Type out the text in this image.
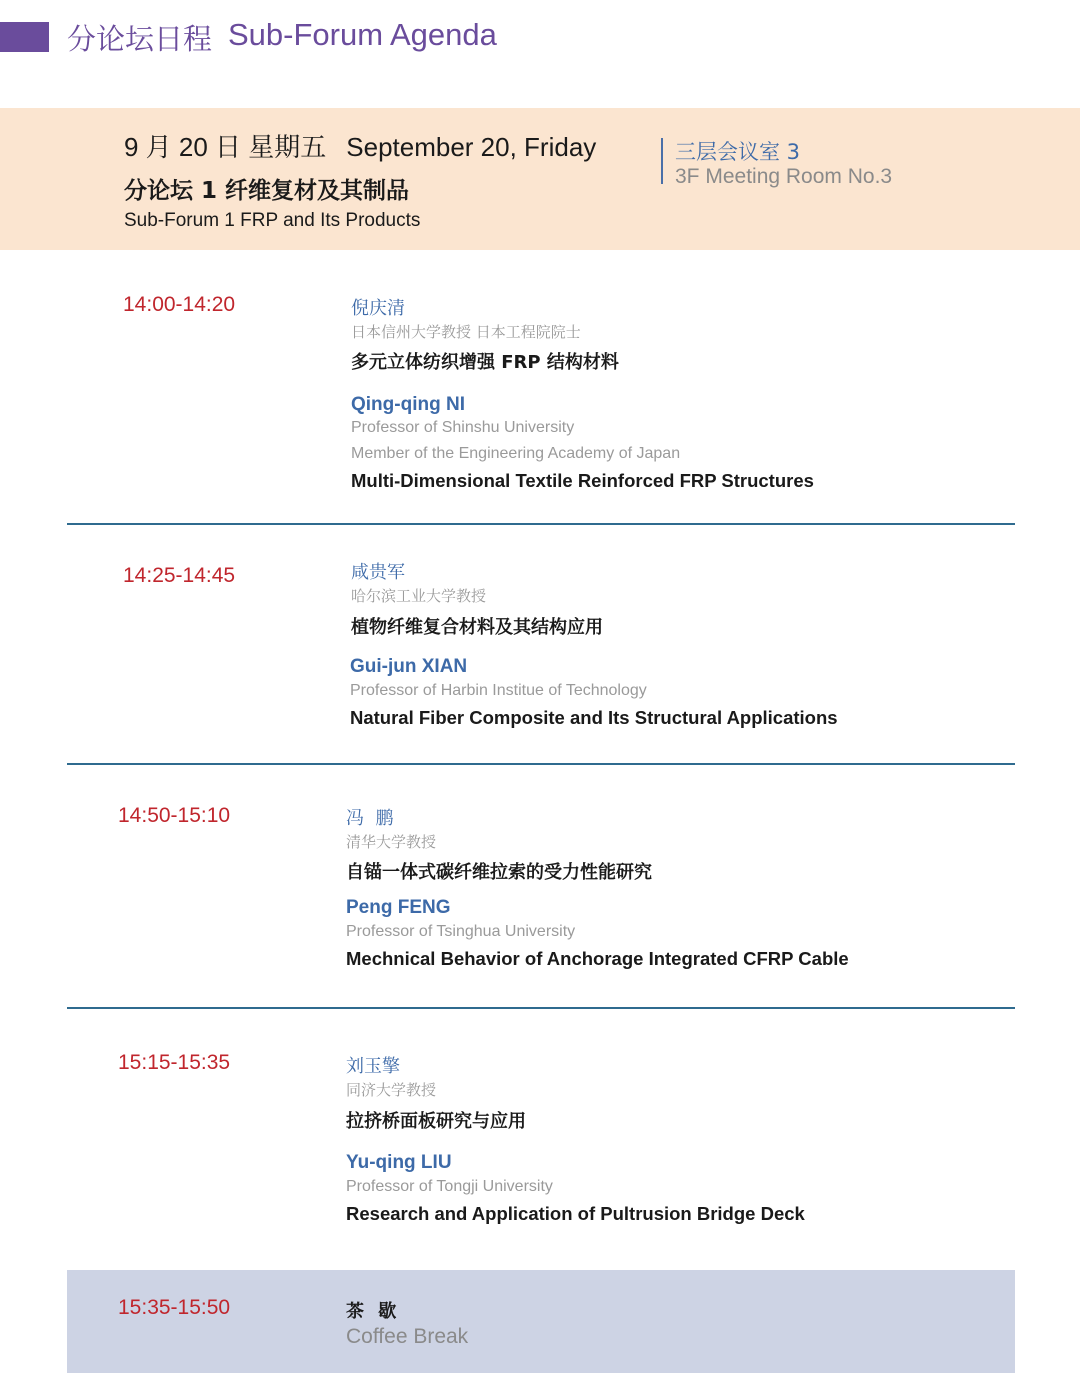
分论坛日程 Sub-Forum Agenda
9 月 20 日 星期五 September 20, Friday
分论坛 1 纤维复材及其制品
Sub-Forum 1 FRP and Its Products
三层会议室 3
3F Meeting Room No.3
14:00-14:20	倪庆清
日本信州大学教授 日本工程院院士
多元立体纺织增强 FRP 结构材料
Qing-qing NI
Professor of Shinshu University
Member of the Engineering Academy of Japan
Multi-Dimensional Textile Reinforced FRP Structures
14:25-14:45	咸贵军
哈尔滨工业大学教授
植物纤维复合材料及其结构应用
Gui-jun XIAN
Professor of Harbin Institue of Technology
Natural Fiber Composite and Its Structural Applications
14:50-15:10	冯  鹏
清华大学教授
自锚一体式碳纤维拉索的受力性能研究
Peng FENG
Professor of Tsinghua University
Mechnical Behavior of Anchorage Integrated CFRP Cable
15:15-15:35	刘玉擎
同济大学教授
拉挤桥面板研究与应用
Yu-qing LIU
Professor of Tongji University
Research and Application of Pultrusion Bridge Deck
15:35-15:50	茶 歇
Coffee Break
